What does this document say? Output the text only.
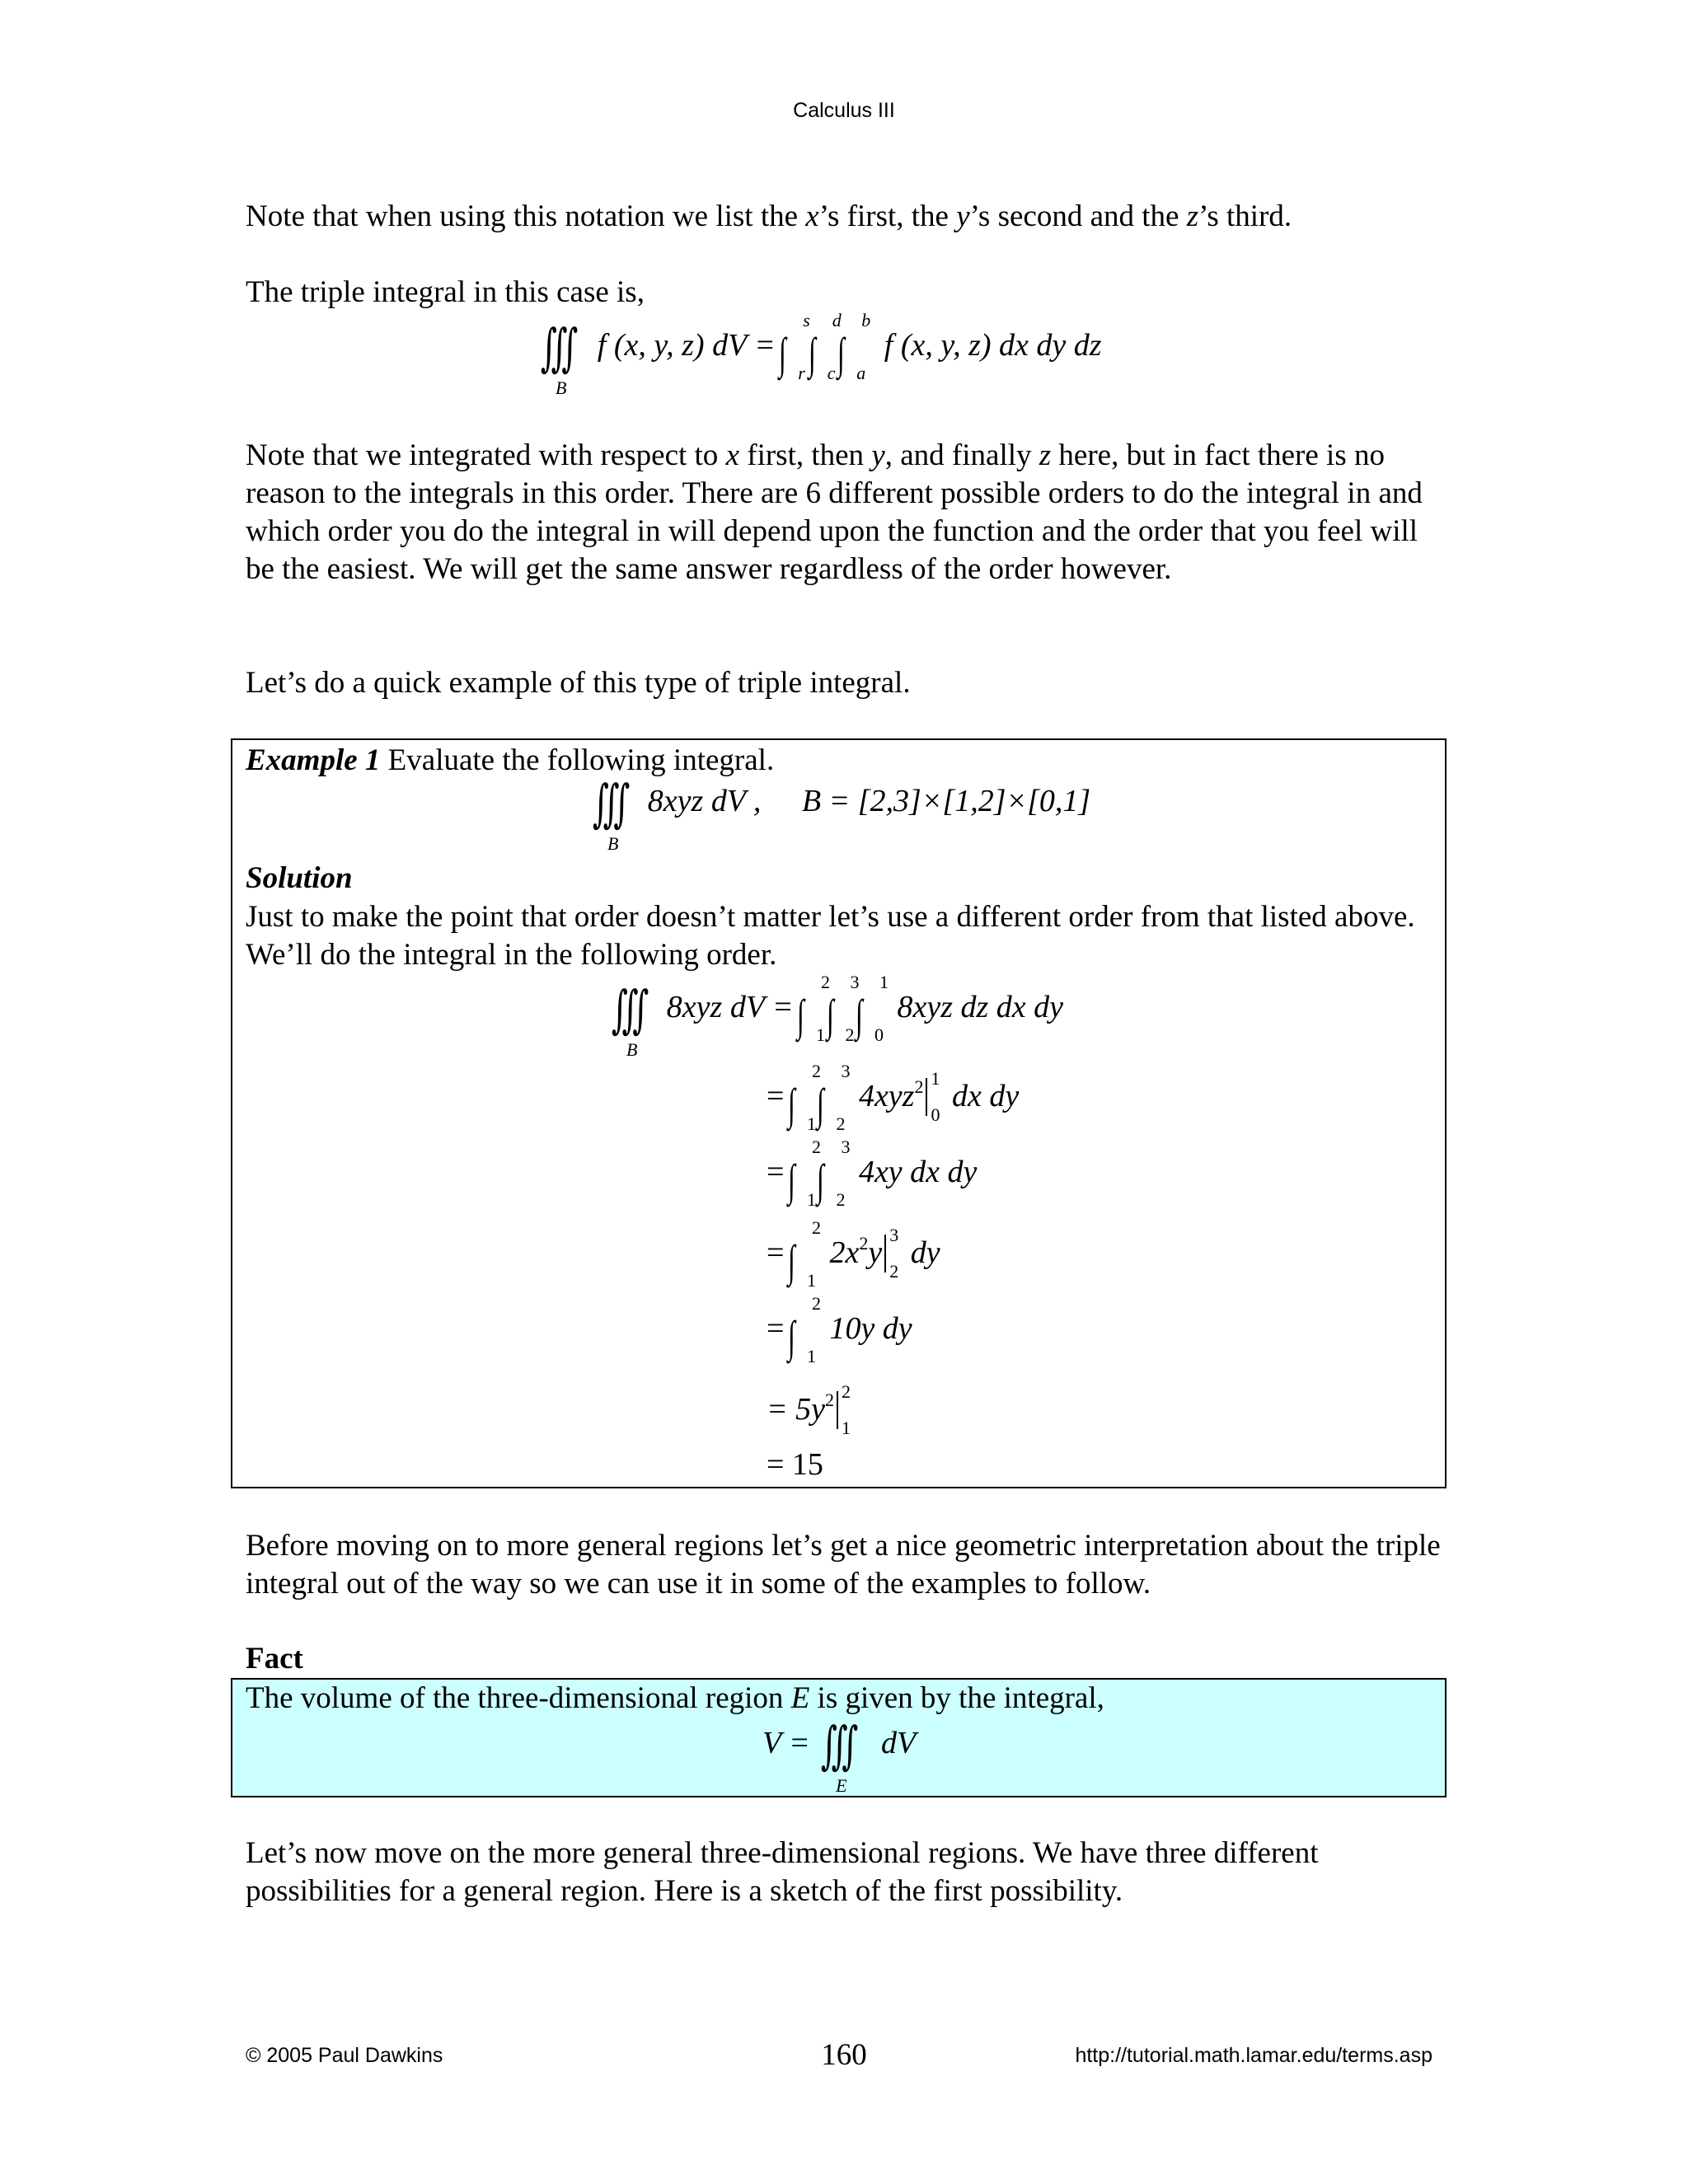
Calculus III

Note that when using this notation we list the x’s first, the y’s second and the z’s third.

The triple integral in this case is,
∭
B
f (x, y, z) dV = ∫
s
r ∫
d
c ∫
b
a
f (x, y, z) dx dy dz

Note that we integrated with respect to x first, then y, and finally z here, but in fact there is no reason to the integrals in this order. There are 6 different possible orders to do the integral in and which order you do the integral in will depend upon the function and the order that you feel will be the easiest. We will get the same answer regardless of the order however.

Let’s do a quick example of this type of triple integral.

Example 1 Evaluate the following integral.

∭
B
8xyz dV , B = [2,3]×[1,2]×[0,1]

Solution

Just to make the point that order doesn’t matter let’s use a different order from that listed above. We’ll do the integral in the following order.
∭
B
8xyz dV = ∫
2
1 ∫
3
2 ∫
1
0
8xyz dz dx dy
= ∫
2
1 ∫
3
2
4xyz$^2$ 1
0
dx dy
= ∫
2
1 ∫
3
2
4xy dx dy
= ∫
2
1
$2x^2y$
3
2
dy
= ∫
2
1
10y dy
= $5y^2$ 2
1
= 15
Before moving on to more general regions let’s get a nice geometric interpretation about the triple integral out of the way so we can use it in some of the examples to follow.

Fact

The volume of the three-dimensional region E is given by the integral,

V = ∭
E
dV
Let’s now move on the more general three-dimensional regions. We have three different possibilities for a general region. Here is a sketch of the first possibility.
© 2005 Paul Dawkins	160	http://tutorial.math.lamar.edu/terms.asp
